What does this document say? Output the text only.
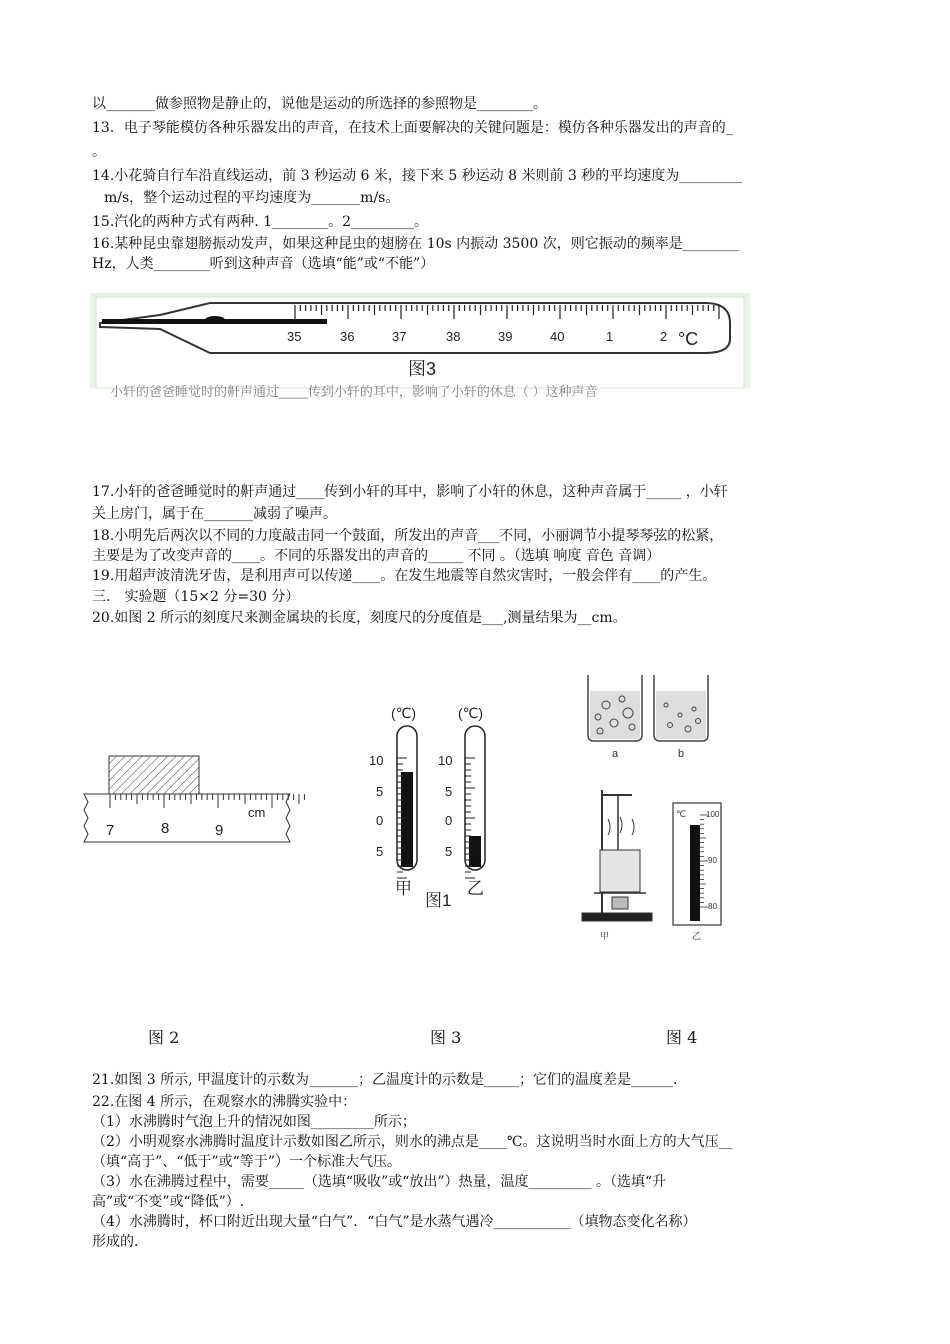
以_______做参照物是静止的，说他是运动的所选择的参照物是________。
13．电子琴能模仿各种乐器发出的声音，在技术上面要解决的关键问题是：模仿各种乐器发出的声音的_
。
14.小花骑自行车沿直线运动，前 3 秒运动 6 米，接下来 5 秒运动 8 米则前 3 秒的平均速度为_________
m/s，整个运动过程的平均速度为_______m/s。
15.汽化的两种方式有两种. 1________。2_________。
16.某种昆虫靠翅膀振动发声，如果这种昆虫的翅膀在 10s 内振动 3500 次，则它振动的频率是________
Hz，人类________听到这种声音（选填“能”或“不能”）
35	36	37	38	39	40	1	2 °C
图3
小轩的爸爸睡觉时的鼾声通过____传到小轩的耳中，影响了小轩的休息（ ）这种声音
17.小轩的爸爸睡觉时的鼾声通过____传到小轩的耳中，影响了小轩的休息，这种声音属于_____ ，小轩
关上房门，属于在_______减弱了噪声。
18.小明先后两次以不同的力度敲击同一个鼓面，所发出的声音___不同，小丽调节小提琴琴弦的松紧，
主要是为了改变声音的____。不同的乐器发出的声音的_____ 不同 。（选填 响度 音色 音调）
19.用超声波清洗牙齿，是利用声可以传递____。在发生地震等自然灾害时，一般会伴有____的产生。
三． 实验题（15×2 分=30 分）
20.如图 2 所示的刻度尺来测金属块的长度，刻度尺的分度值是___,测量结果为__cm。
7	8	9
cm
(℃)	(℃)
10
5
0
5
10
5
0
5
甲	乙
图1
a	b
甲
℃ 100
90
80
乙
图 2	图 3	图 4
21.如图 3 所示, 甲温度计的示数为_______；乙温度计的示数是_____；它们的温度差是______.
22.在图 4 所示，在观察水的沸腾实验中：
（1）水沸腾时气泡上升的情况如图_________所示；
（2）小明观察水沸腾时温度计示数如图乙所示，则水的沸点是____℃。这说明当时水面上方的大气压__
（填“高于”、“低于”或“等于”）一个标准大气压。
（3）水在沸腾过程中，需要_____（选填“吸收”或“放出”）热量，温度_________ 。（选填“升
高”或“不变”或“降低”）.
（4）水沸腾时，杯口附近出现大量“白气”．“白气”是水蒸气遇冷___________（填物态变化名称）
形成的.
